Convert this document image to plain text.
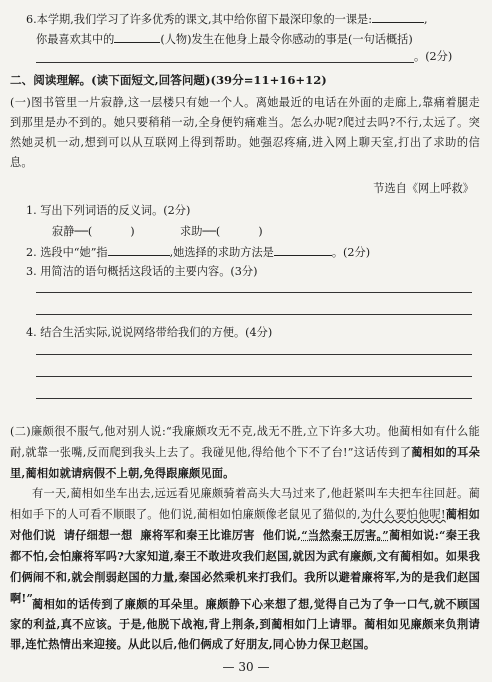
6.本学期,我们学习了许多优秀的课文,其中给你留下最深印象的一课是:	,
你最喜欢其中的	(人物)发生在他身上最令你感动的事是(一句话概括)
。(2分)
二、阅读理解。(读下面短文,回答问题)(39分=11+16+12)
(一)图书管里一片寂静,这一层楼只有她一个人。离她最近的电话在外面的走廊上,靠痛着腿走到那里是办不到的。她只要稍稍一动,全身便钓痛难当。怎么办呢?爬过去吗?不行,太远了。突然她灵机一动,想到可以从互联网上得到帮助。她强忍疼痛,进入网上聊天室,打出了求助的信息。
节选自《网上呼救》
1. 写出下列词语的反义词。(2分)
寂静──(	)	求助──(	)
2. 选段中“她”指	,她选择的求助方法是	。(2分)
3. 用简洁的语句概括这段话的主要内容。(3分)
4. 结合生活实际,说说网络带给我们的方便。(4分)
(二)廉颇很不服气,他对别人说:“我廉颇攻无不克,战无不胜,立下许多大功。他蔺相如有什么能耐,就靠一张嘴,反而爬到我头上去了。我碰见他,得给他个下不了台!”这话传到了蔺相如的耳朵里,蔺相如就请病假不上朝,免得跟廉颇见面。
有一天,蔺相如坐车出去,远远看见廉颇骑着高头大马过来了,他赶紧叫车夫把车往回赶。蔺相如手下的人可看不顺眼了。他们说,蔺相如怕廉颇像老鼠见了猫似的,为什么要怕他呢!蔺相如对他们说 请仔细想一想 廉将军和秦王比谁厉害 他们说,“当然秦王厉害。”蔺相如说:“秦王我都不怕,会怕廉将军吗?大家知道,秦王不敢进攻我们赵国,就因为武有廉颇,文有蔺相如。如果我们俩闹不和,就会削弱赵国的力量,秦国必然乘机来打我们。我所以避着廉将军,为的是我们赵国啊!”
蔺相如的话传到了廉颇的耳朵里。廉颇静下心来想了想,觉得自己为了争一口气,就不顾国家的利益,真不应该。于是,他脱下战袍,背上荆条,到蔺相如门上请罪。蔺相如见廉颇来负荆请罪,连忙热情出来迎接。从此以后,他们俩成了好朋友,同心协力保卫赵国。
— 30 —
